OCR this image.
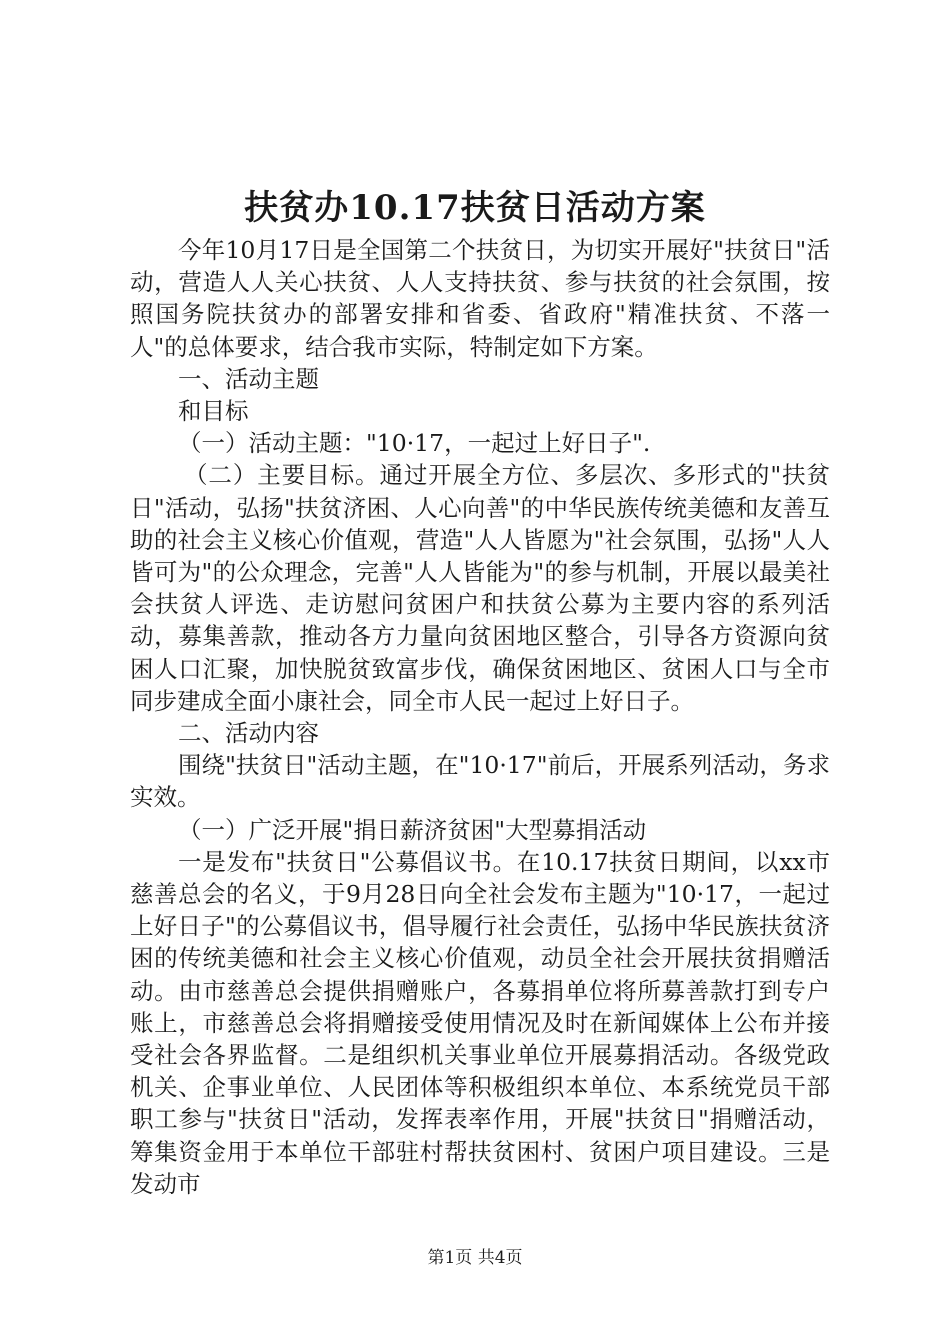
扶贫办10.17扶贫日活动方案

今年10月17日是全国第二个扶贫日，为切实开展好"扶贫日"活动，营造人人关心扶贫、人人支持扶贫、参与扶贫的社会氛围，按照国务院扶贫办的部署安排和省委、省政府"精准扶贫、不落一人"的总体要求，结合我市实际，特制定如下方案。

一、活动主题

和目标

（一）活动主题："10·17，一起过上好日子".

（二）主要目标。通过开展全方位、多层次、多形式的"扶贫日"活动，弘扬"扶贫济困、人心向善"的中华民族传统美德和友善互助的社会主义核心价值观，营造"人人皆愿为"社会氛围，弘扬"人人皆可为"的公众理念，完善"人人皆能为"的参与机制，开展以最美社会扶贫人评选、走访慰问贫困户和扶贫公募为主要内容的系列活动，募集善款，推动各方力量向贫困地区整合，引导各方资源向贫困人口汇聚，加快脱贫致富步伐，确保贫困地区、贫困人口与全市同步建成全面小康社会，同全市人民一起过上好日子。

二、活动内容

围绕"扶贫日"活动主题，在"10·17"前后，开展系列活动，务求实效。

（一）广泛开展"捐日薪济贫困"大型募捐活动

一是发布"扶贫日"公募倡议书。在10.17扶贫日期间，以xx市慈善总会的名义，于9月28日向全社会发布主题为"10·17，一起过上好日子"的公募倡议书，倡导履行社会责任，弘扬中华民族扶贫济困的传统美德和社会主义核心价值观，动员全社会开展扶贫捐赠活动。由市慈善总会提供捐赠账户，各募捐单位将所募善款打到专户账上，市慈善总会将捐赠接受使用情况及时在新闻媒体上公布并接受社会各界监督。二是组织机关事业单位开展募捐活动。各级党政机关、企事业单位、人民团体等积极组织本单位、本系统党员干部职工参与"扶贫日"活动，发挥表率作用，开展"扶贫日"捐赠活动，筹集资金用于本单位干部驻村帮扶贫困村、贫困户项目建设。三是发动市

第1页 共4页
